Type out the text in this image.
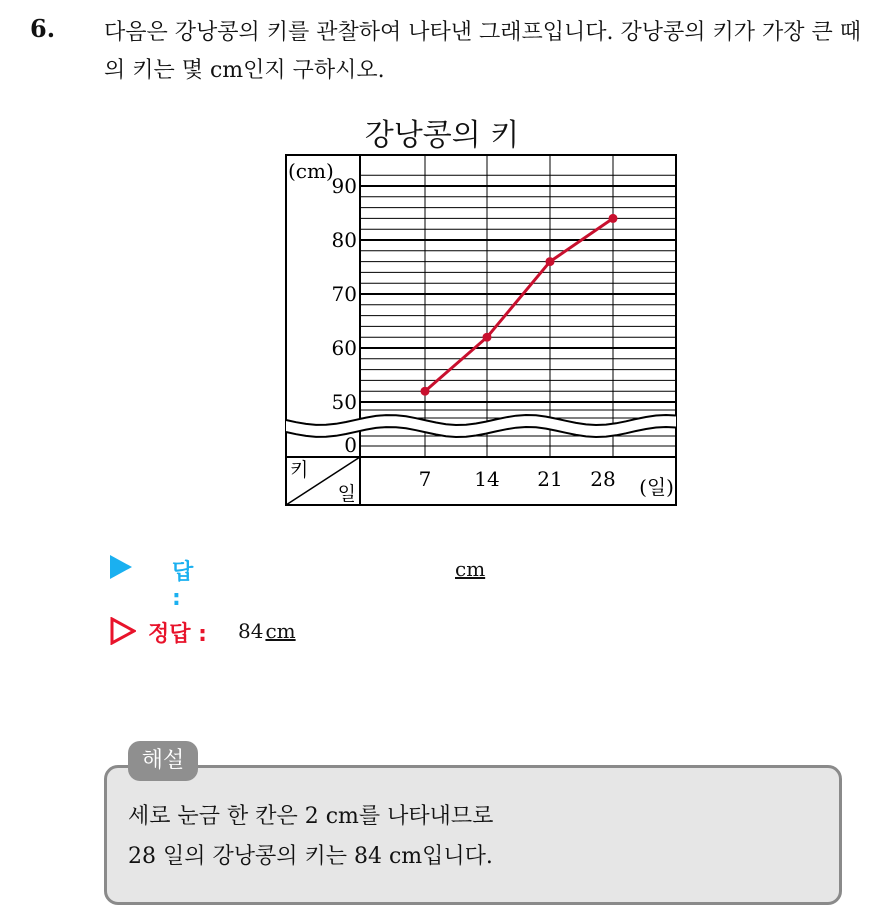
6. 다음은 강낭콩의 키를 관찰하여 나타낸 그래프입니다. 강낭콩의 키가 가장 큰 때의 키는 몇 cm인지 구하시오.
강낭콩의 키
90
80
70
60
50
0
(cm)
7 14 21 28 (일)
키
일
답 :
cm
정답 : 84 cm
해설
세로 눈금 한 칸은 2 cm를 나타내므로
28 일의 강낭콩의 키는 84 cm입니다.
